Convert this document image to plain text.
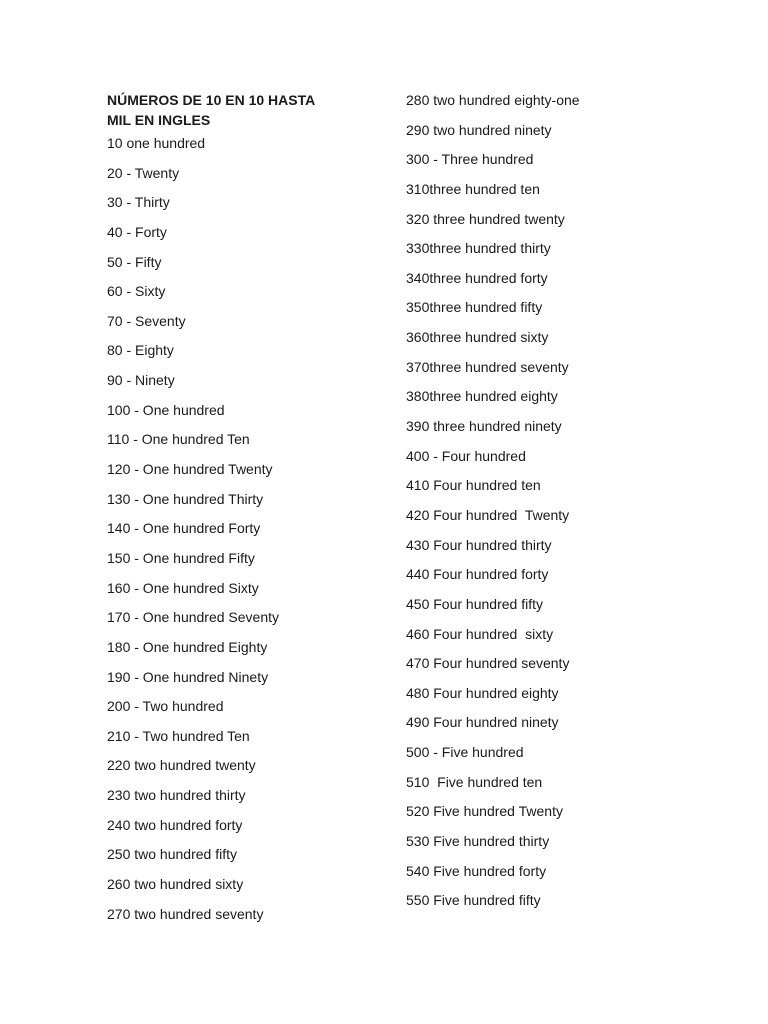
NÚMEROS DE 10 EN 10 HASTA
MIL EN INGLES
10 one hundred
20 - Twenty
30 - Thirty
40 - Forty
50 - Fifty
60 - Sixty
70 - Seventy
80 - Eighty
90 - Ninety
100 - One hundred
110 - One hundred Ten
120 - One hundred Twenty
130 - One hundred Thirty
140 - One hundred Forty
150 - One hundred Fifty
160 - One hundred Sixty
170 - One hundred Seventy
180 - One hundred Eighty
190 - One hundred Ninety
200 - Two hundred
210 - Two hundred Ten
220 two hundred twenty
230 two hundred thirty
240 two hundred forty
250 two hundred fifty
260 two hundred sixty
270 two hundred seventy
280 two hundred eighty-one
290 two hundred ninety
300 - Three hundred
310three hundred ten
320 three hundred twenty
330three hundred thirty
340three hundred forty
350three hundred fifty
360three hundred sixty
370three hundred seventy
380three hundred eighty
390 three hundred ninety
400 - Four hundred
410 Four hundred ten
420 Four hundred  Twenty
430 Four hundred thirty
440 Four hundred forty
450 Four hundred fifty
460 Four hundred  sixty
470 Four hundred seventy
480 Four hundred eighty
490 Four hundred ninety
500 - Five hundred
510  Five hundred ten
520 Five hundred Twenty
530 Five hundred thirty
540 Five hundred forty
550 Five hundred fifty
